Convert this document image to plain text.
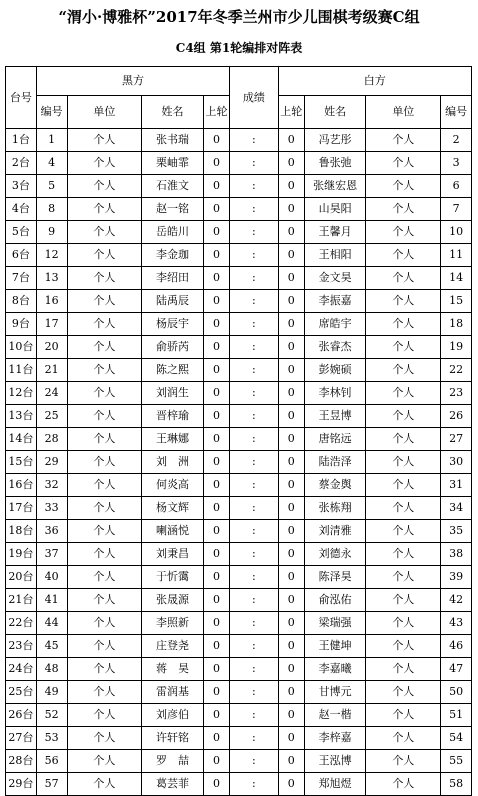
“渭小·博雅杯”2017年冬季兰州市少儿围棋考级赛C组
C4组 第1轮编排对阵表
台号	黑方				成绩	白方			
	编号	单位	姓名	上轮		上轮	姓名	单位	编号
1台	1	个人	张书瑞	0	:	0	冯艺彤	个人	2
2台	4	个人	栗岫霏	0	:	0	鲁张弛	个人	3
3台	5	个人	石淮文	0	:	0	张继宏恩	个人	6
4台	8	个人	赵一铭	0	:	0	山昊阳	个人	7
5台	9	个人	岳皓川	0	:	0	王馨月	个人	10
6台	12	个人	李金珈	0	:	0	王相阳	个人	11
7台	13	个人	李绍田	0	:	0	金文昊	个人	14
8台	16	个人	陆禹辰	0	:	0	李振嘉	个人	15
9台	17	个人	杨辰宇	0	:	0	席皓宇	个人	18
10台	20	个人	俞骄芮	0	:	0	张睿杰	个人	19
11台	21	个人	陈之熙	0	:	0	彭婉硕	个人	22
12台	24	个人	刘润生	0	:	0	李林钊	个人	23
13台	25	个人	晋梓瑜	0	:	0	王昱博	个人	26
14台	28	个人	王琳娜	0	:	0	唐铭远	个人	27
15台	29	个人	刘　洲	0	:	0	陆浩泽	个人	30
16台	32	个人	何炎高	0	:	0	蔡金舆	个人	31
17台	33	个人	杨文辉	0	:	0	张栋翔	个人	34
18台	36	个人	喇涵悦	0	:	0	刘清雅	个人	35
19台	37	个人	刘秉昌	0	:	0	刘德永	个人	38
20台	40	个人	于忻霭	0	:	0	陈泽昊	个人	39
21台	41	个人	张晟源	0	:	0	俞泓佑	个人	42
22台	44	个人	李照新	0	:	0	梁瑞强	个人	43
23台	45	个人	庄登尧	0	:	0	王健坤	个人	46
24台	48	个人	蒋　昊	0	:	0	李嘉曦	个人	47
25台	49	个人	雷润基	0	:	0	甘博元	个人	50
26台	52	个人	刘彦伯	0	:	0	赵一楷	个人	51
27台	53	个人	许轩铭	0	:	0	李梓嘉	个人	54
28台	56	个人	罗　喆	0	:	0	王泓博	个人	55
29台	57	个人	葛芸菲	0	:	0	郑旭煜	个人	58
